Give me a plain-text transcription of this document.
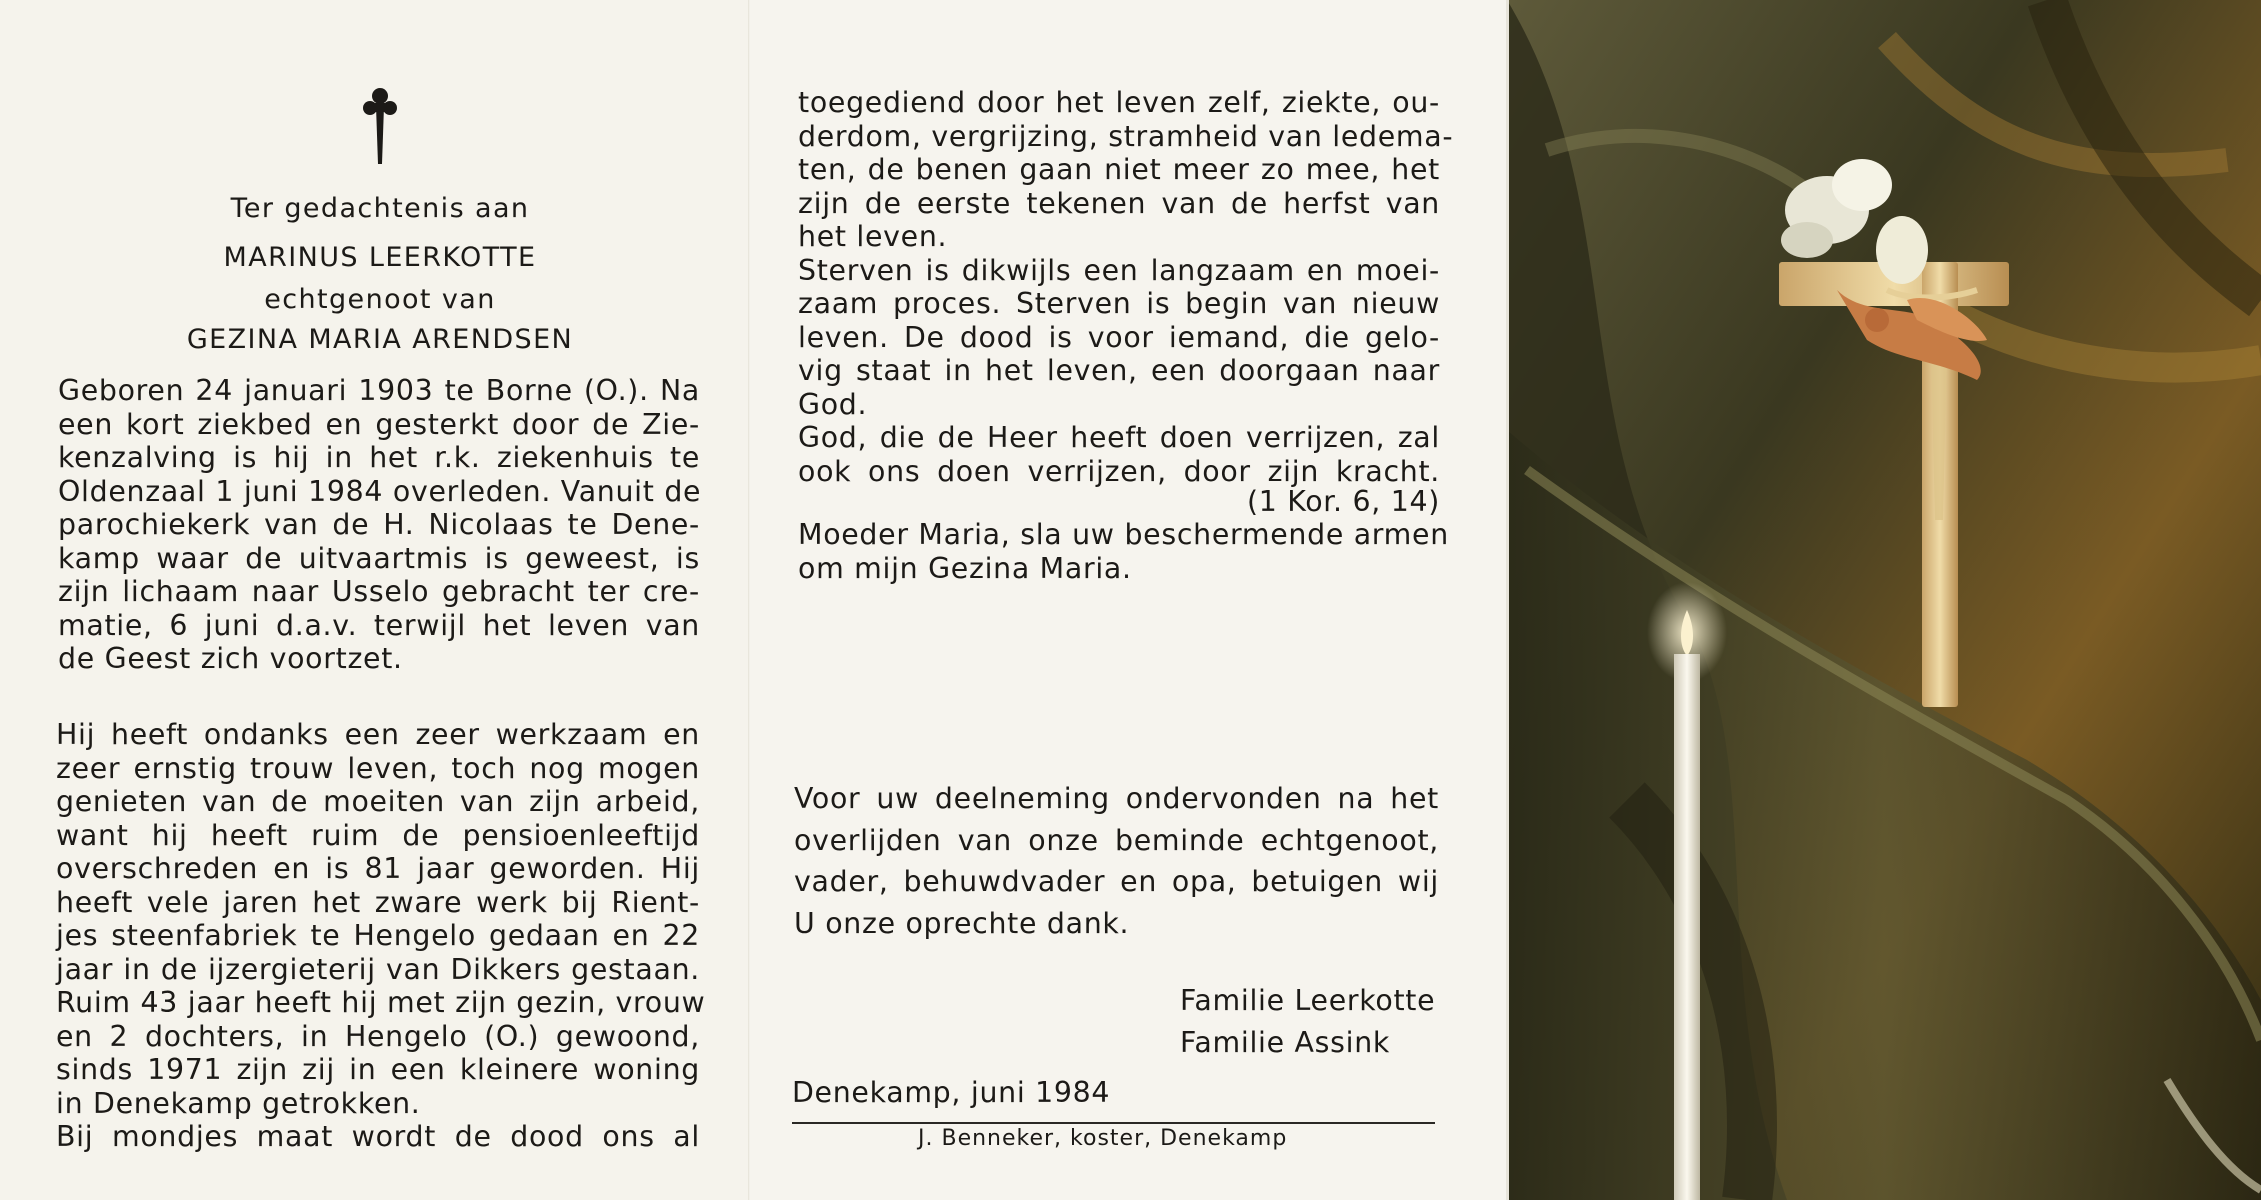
Ter gedachtenis aan
MARINUS LEERKOTTE
echtgenoot van
GEZINA MARIA ARENDSEN
Geboren 24 januari 1903 te Borne (O.). Na
een kort ziekbed en gesterkt door de Zie-
kenzalving is hij in het r.k. ziekenhuis te
Oldenzaal 1 juni 1984 overleden. Vanuit de
parochiekerk van de H. Nicolaas te Dene-
kamp waar de uitvaartmis is geweest, is
zijn lichaam naar Usselo gebracht ter cre-
matie, 6 juni d.a.v. terwijl het leven van
de Geest zich voortzet.
Hij heeft ondanks een zeer werkzaam en
zeer ernstig trouw leven, toch nog mogen
genieten van de moeiten van zijn arbeid,
want hij heeft ruim de pensioenleeftijd
overschreden en is 81 jaar geworden. Hij
heeft vele jaren het zware werk bij Rient-
jes steenfabriek te Hengelo gedaan en 22
jaar in de ijzergieterij van Dikkers gestaan.
Ruim 43 jaar heeft hij met zijn gezin, vrouw
en 2 dochters, in Hengelo (O.) gewoond,
sinds 1971 zijn zij in een kleinere woning
in Denekamp getrokken.
Bij mondjes maat wordt de dood ons al
toegediend door het leven zelf, ziekte, ou-
derdom, vergrijzing, stramheid van ledema-
ten, de benen gaan niet meer zo mee, het
zijn de eerste tekenen van de herfst van
het leven.
Sterven is dikwijls een langzaam en moei-
zaam proces. Sterven is begin van nieuw
leven. De dood is voor iemand, die gelo-
vig staat in het leven, een doorgaan naar
God.
God, die de Heer heeft doen verrijzen, zal
ook ons doen verrijzen, door zijn kracht.
(1 Kor. 6, 14)
Moeder Maria, sla uw beschermende armen
om mijn Gezina Maria.
Voor uw deelneming ondervonden na het
overlijden van onze beminde echtgenoot,
vader, behuwdvader en opa, betuigen wij
U onze oprechte dank.
Familie Leerkotte
Familie Assink
Denekamp, juni 1984
J. Benneker, koster, Denekamp
